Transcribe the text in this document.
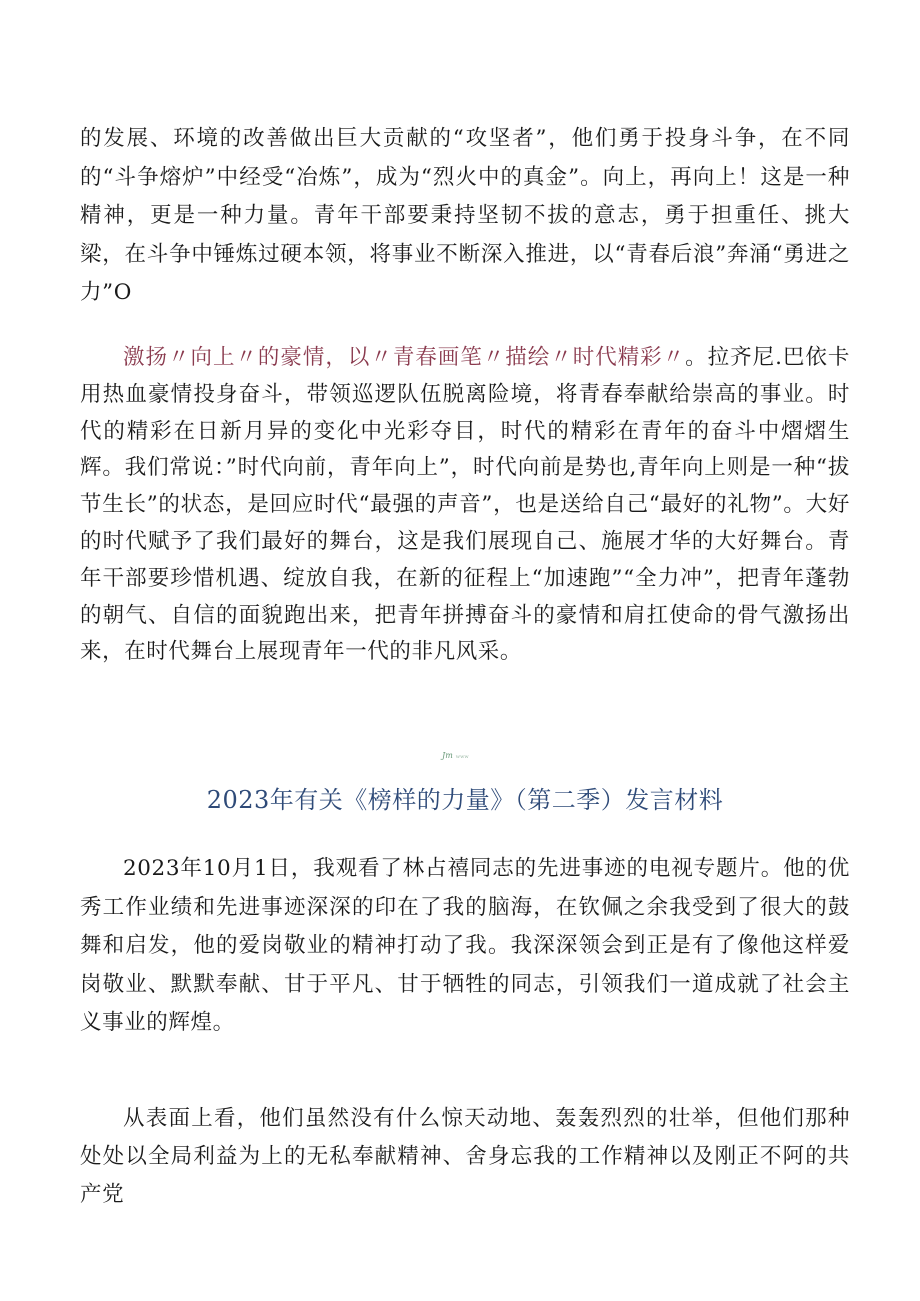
的发展、环境的改善做出巨大贡献的“攻坚者”，他们勇于投身斗争，在不同的“斗争熔炉”中经受“冶炼”，成为“烈火中的真金”。向上，再向上！这是一种精神，更是一种力量。青年干部要秉持坚韧不拔的意志，勇于担重任、挑大梁，在斗争中锤炼过硬本领，将事业不断深入推进，以“青春后浪”奔涌“勇进之力”O

激扬〃向上〃的豪情，以〃青春画笔〃描绘〃时代精彩〃。拉齐尼.巴依卡用热血豪情投身奋斗，带领巡逻队伍脱离险境，将青春奉献给崇高的事业。时代的精彩在日新月异的变化中光彩夺目，时代的精彩在青年的奋斗中熠熠生辉。我们常说：”时代向前，青年向上”，时代向前是势也,青年向上则是一种“拔节生长”的状态，是回应时代“最强的声音”，也是送给自己“最好的礼物”。大好的时代赋予了我们最好的舞台，这是我们展现自己、施展才华的大好舞台。青年干部要珍惜机遇、绽放自我，在新的征程上“加速跑”“全力冲”，把青年蓬勃的朝气、自信的面貌跑出来，把青年拼搏奋斗的豪情和肩扛使命的骨气激扬出来，在时代舞台上展现青年一代的非凡风采。

Jm www
2023年有关《榜样的力量》（第二季）发言材料

2023年10月1日，我观看了林占禧同志的先进事迹的电视专题片。他的优秀工作业绩和先进事迹深深的印在了我的脑海，在钦佩之余我受到了很大的鼓舞和启发，他的爱岗敬业的精神打动了我。我深深领会到正是有了像他这样爱岗敬业、默默奉献、甘于平凡、甘于牺牲的同志，引领我们一道成就了社会主义事业的辉煌。

从表面上看，他们虽然没有什么惊天动地、轰轰烈烈的壮举，但他们那种处处以全局利益为上的无私奉献精神、舍身忘我的工作精神以及刚正不阿的共产党
